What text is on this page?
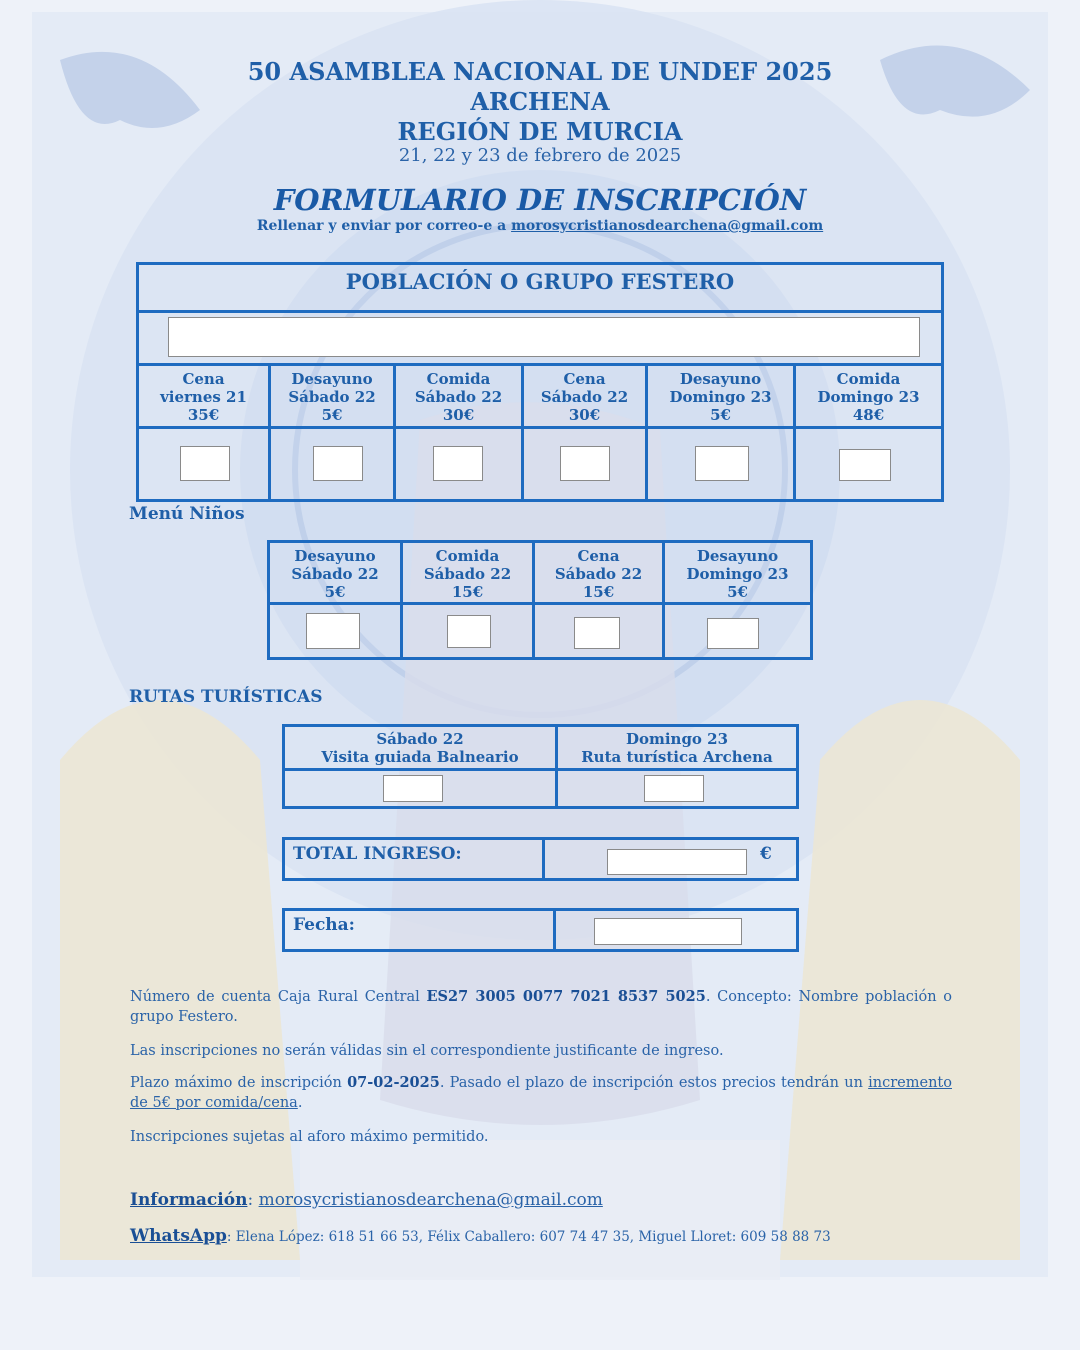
50 ASAMBLEA NACIONAL DE UNDEF 2025
ARCHENA
REGIÓN DE MURCIA
21, 22 y 23 de febrero de 2025
FORMULARIO DE INSCRIPCIÓN
Rellenar y enviar por correo-e a morosycristianosdearchena@gmail.com
POBLACIÓN O GRUPO FESTERO
Cena
viernes 21
35€
Desayuno
Sábado 22
5€
Comida
Sábado 22
30€
Cena
Sábado 22
30€
Desayuno
Domingo 23
5€
Comida
Domingo 23
48€
Menú Niños
Desayuno
Sábado 22
5€
Comida
Sábado 22
15€
Cena
Sábado 22
15€
Desayuno
Domingo 23
5€
RUTAS TURÍSTICAS
Sábado 22
Visita guiada Balneario
Domingo 23
Ruta turística Archena
TOTAL INGRESO:	€
Fecha:
Número de cuenta Caja Rural Central ES27 3005 0077 7021 8537 5025. Concepto: Nombre población o grupo Festero.
Las inscripciones no serán válidas sin el correspondiente justificante de ingreso.
Plazo máximo de inscripción 07-02-2025. Pasado el plazo de inscripción estos precios tendrán un incremento de 5€ por comida/cena.
Inscripciones sujetas al aforo máximo permitido.
Información: morosycristianosdearchena@gmail.com
WhatsApp: Elena López: 618 51 66 53, Félix Caballero: 607 74 47 35, Miguel Lloret: 609 58 88 73
